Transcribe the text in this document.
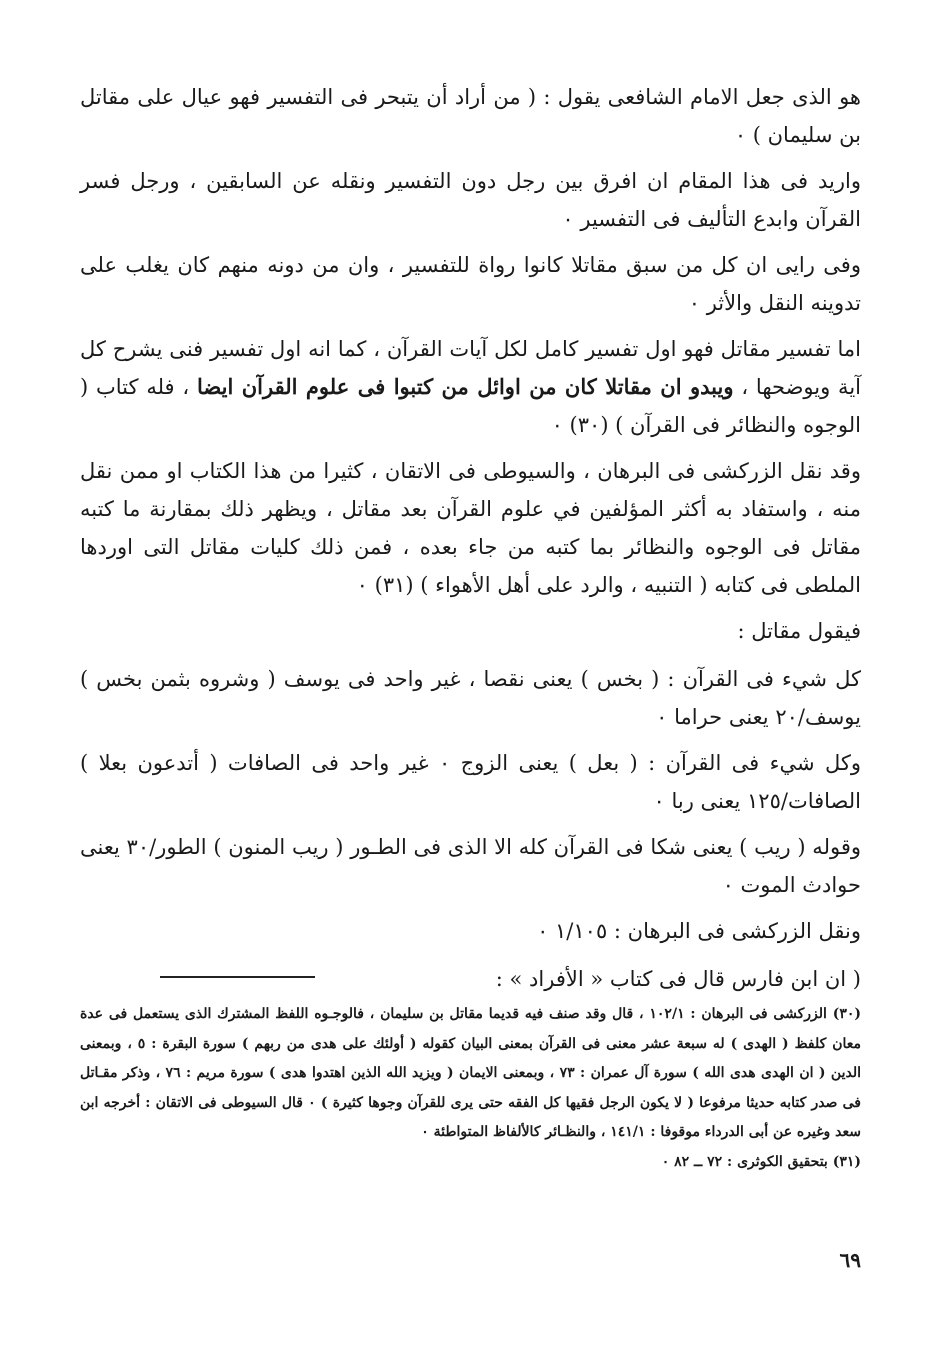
هو الذى جعل الامام الشافعى يقول : ( من أراد أن يتبحر فى التفسير فهو عيال على مقاتل بن سليمان ) ٠

واريد فى هذا المقام ان افرق بين رجل دون التفسير ونقله عن السابقين ، ورجل فسر القرآن وابدع التأليف فى التفسير ٠

وفى رايى ان كل من سبق مقاتلا كانوا رواة للتفسير ، وان من دونه منهم كان يغلب على تدوينه النقل والأثر ٠

اما تفسير مقاتل فهو اول تفسير كامل لكل آيات القرآن ، كما انه اول تفسير فنى يشرح كل آية ويوضحها ، ويبدو ان مقاتلا كان من اوائل من كتبوا فى علوم القرآن ايضا ، فله كتاب ( الوجوه والنظائر فى القرآن ) (٣٠) ٠

وقد نقل الزركشى فى البرهان ، والسيوطى فى الاتقان ، كثيرا من هذا الكتاب او ممن نقل منه ، واستفاد به أكثر المؤلفين في علوم القرآن بعد مقاتل ، ويظهر ذلك بمقارنة ما كتبه مقاتل فى الوجوه والنظائر بما كتبه من جاء بعده ، فمن ذلك كليات مقاتل التى اوردها الملطى فى كتابه ( التنبيه ، والرد على أهل الأهواء ) (٣١) ٠

فيقول مقاتل :

كل شيء فى القرآن : ( بخس ) يعنى نقصا ، غير واحد فى يوسف ( وشروه بثمن بخس ) يوسف/٢٠ يعنى حراما ٠

وكل شيء فى القرآن : ( بعل ) يعنى الزوج ٠ غير واحد فى الصافات ( أتدعون بعلا ) الصافات/١٢٥ يعنى ربا ٠

وقوله ( ريب ) يعنى شكا فى القرآن كله الا الذى فى الطـور ( ريب المنون ) الطور/٣٠ يعنى حوادث الموت ٠

ونقل الزركشى فى البرهان : ١/١٠٥ ٠

( ان ابن فارس قال فى كتاب « الأفراد » :

(٣٠) الزركشى فى البرهان : ١٠٢/١ ، قال وقد صنف فيه قديما مقاتل بن سليمان ، فالوجـوه اللفظ المشترك الذى يستعمل فى عدة معان كلفظ ( الهدى ) له سبعة عشر معنى فى القرآن بمعنى البيان كقوله ( أولئك على هدى من ربهم ) سورة البقرة : ٥ ، وبمعنى الدين ( ان الهدى هدى الله ) سورة آل عمران : ٧٣ ، وبمعنى الايمان ( ويزيد الله الذين اهتدوا هدى ) سورة مريم : ٧٦ ، وذكر مقـاتل فى صدر كتابه حديثا مرفوعا ( لا يكون الرجل فقيها كل الفقه حتى يرى للقرآن وجوها كثيرة ) ٠ قال السيوطى فى الاتقان : أخرجه ابن سعد وغيره عن أبى الدرداء موقوفا : ١٤١/١ ، والنظـائر كالألفاظ المتواطئة ٠

(٣١) بتحقيق الكوثرى : ٧٢ ــ ٨٢ ٠

٦٩
